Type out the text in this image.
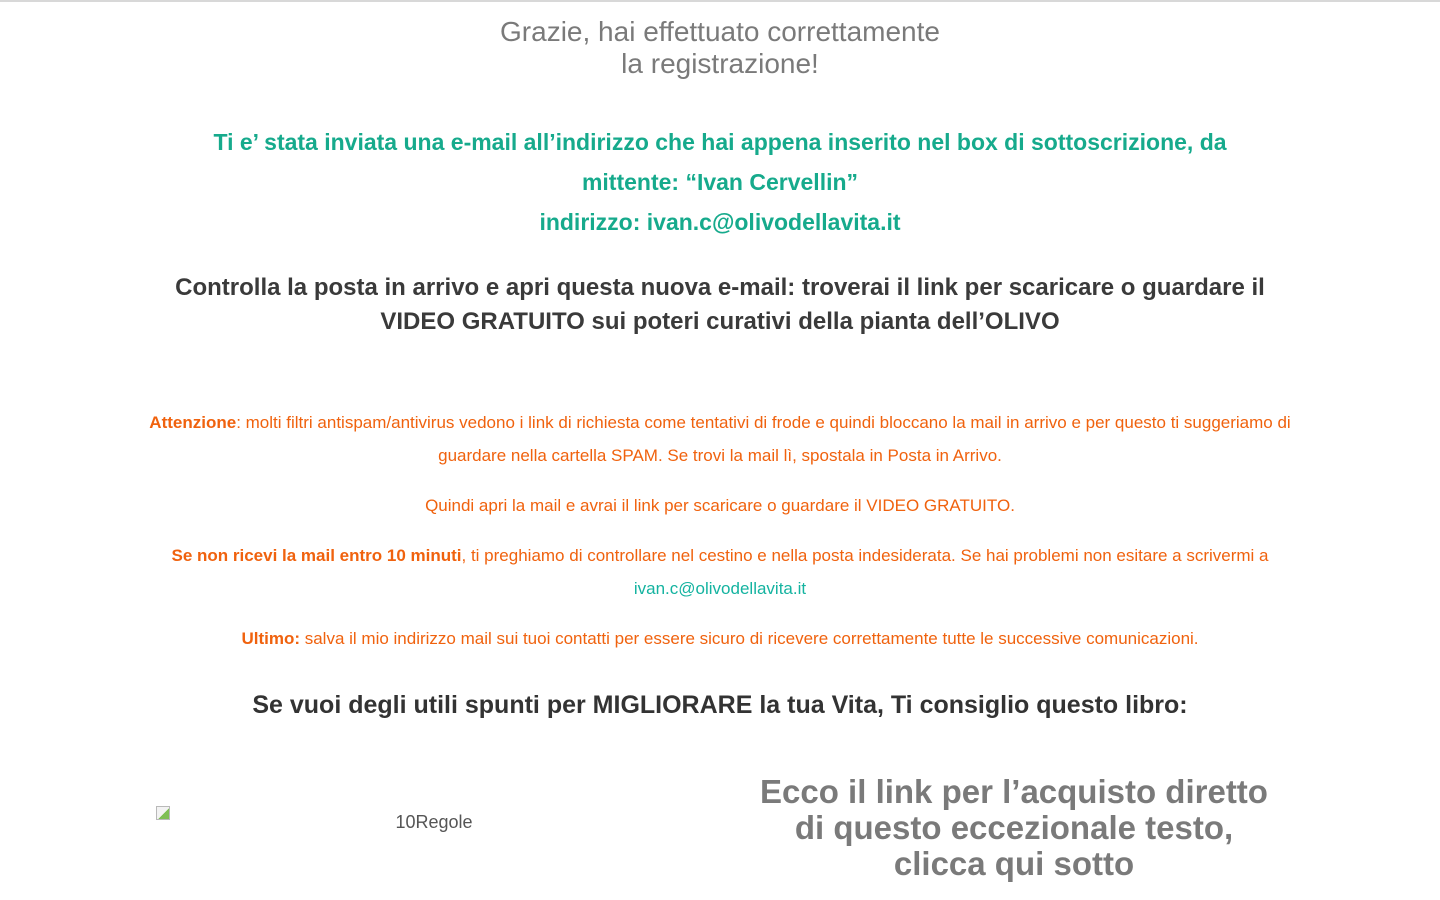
Grazie, hai effettuato correttamente
la registrazione!

Ti e’ stata inviata una e-mail all’indirizzo che hai appena inserito nel box di sottoscrizione, da
mittente: “Ivan Cervellin”
indirizzo: ivan.c@olivodellavita.it

Controlla la posta in arrivo e apri questa nuova e-mail: troverai il link per scaricare o guardare il VIDEO GRATUITO sui poteri curativi della pianta dell’OLIVO

Attenzione: molti filtri antispam/antivirus vedono i link di richiesta come tentativi di frode e quindi bloccano la mail in arrivo e per questo ti suggeriamo di guardare nella cartella SPAM. Se trovi la mail lì, spostala in Posta in Arrivo.

Quindi apri la mail e avrai il link per scaricare o guardare il VIDEO GRATUITO.

Se non ricevi la mail entro 10 minuti, ti preghiamo di controllare nel cestino e nella posta indesiderata. Se hai problemi non esitare a scrivermi a ivan.c@olivodellavita.it

Ultimo: salva il mio indirizzo mail sui tuoi contatti per essere sicuro di ricevere correttamente tutte le successive comunicazioni.

Se vuoi degli utili spunti per MIGLIORARE la tua Vita, Ti consiglio questo libro:
10Regole
Ecco il link per l’acquisto diretto
di questo eccezionale testo,
clicca qui sotto
